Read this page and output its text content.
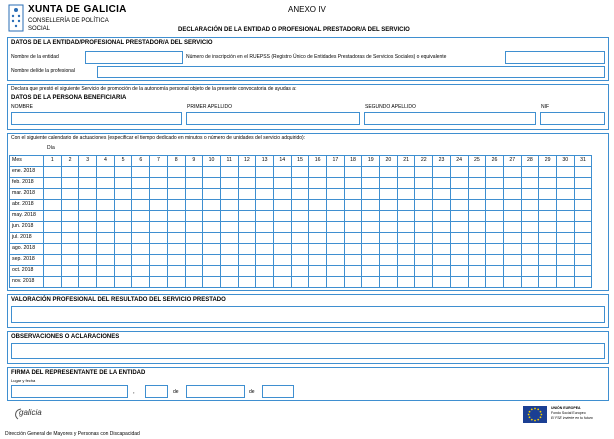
XUNTA DE GALICIA
CONSELLERÍA DE POLÍTICA
SOCIAL
ANEXO IV
DECLARACIÓN DE LA ENTIDAD O PROFESIONAL PRESTADOR/A DEL SERVICIO
DATOS DE LA ENTIDAD/PROFESIONAL PRESTADOR/A DEL SERVICIO
Nombre de la entidad	Número de inscripción en el RUEPSS (Registro Único de Entidades Prestadoras de Servicios Sociales) o equivalente
Nombre del/de la profesional
Declara que prestó el siguiente Servicio de promoción de la autonomía personal objeto de la presente convocatoria de ayudas a:
DATOS DE LA PERSONA BENEFICIARIA
NOMBRE	PRIMER APELLIDO	SEGUNDO APELLIDO	NIF
Con el siguiente calendario de actuaciones (especificar el tiempo dedicado en minutos o número de unidades del servicio adquirido):
Día
Mes	1	2	3	4	5	6	7	8	9	10	11	12	13	14	15	16	17	18	19	20	21	22	23	24	25	26	27	28	29	30	31
ene. 2018																															
feb. 2018																															
mar. 2018																															
abr. 2018																															
may. 2018																															
jun. 2018																															
jul. 2018																															
ago. 2018																															
sep. 2018																															
oct. 2018																															
nov. 2018																															
VALORACIÓN PROFESIONAL DEL RESULTADO DEL SERVICIO PRESTADO
OBSERVACIONES O ACLARACIONES
FIRMA DEL REPRESENTANTE DE LA ENTIDAD
Lugar y fecha
,	de	de
galicia	UNIÓN EUROPEA
Fondo Social Europeo
El FSE invierte en tu futuro
Dirección General de Mayores y Personas con Discapacidad
